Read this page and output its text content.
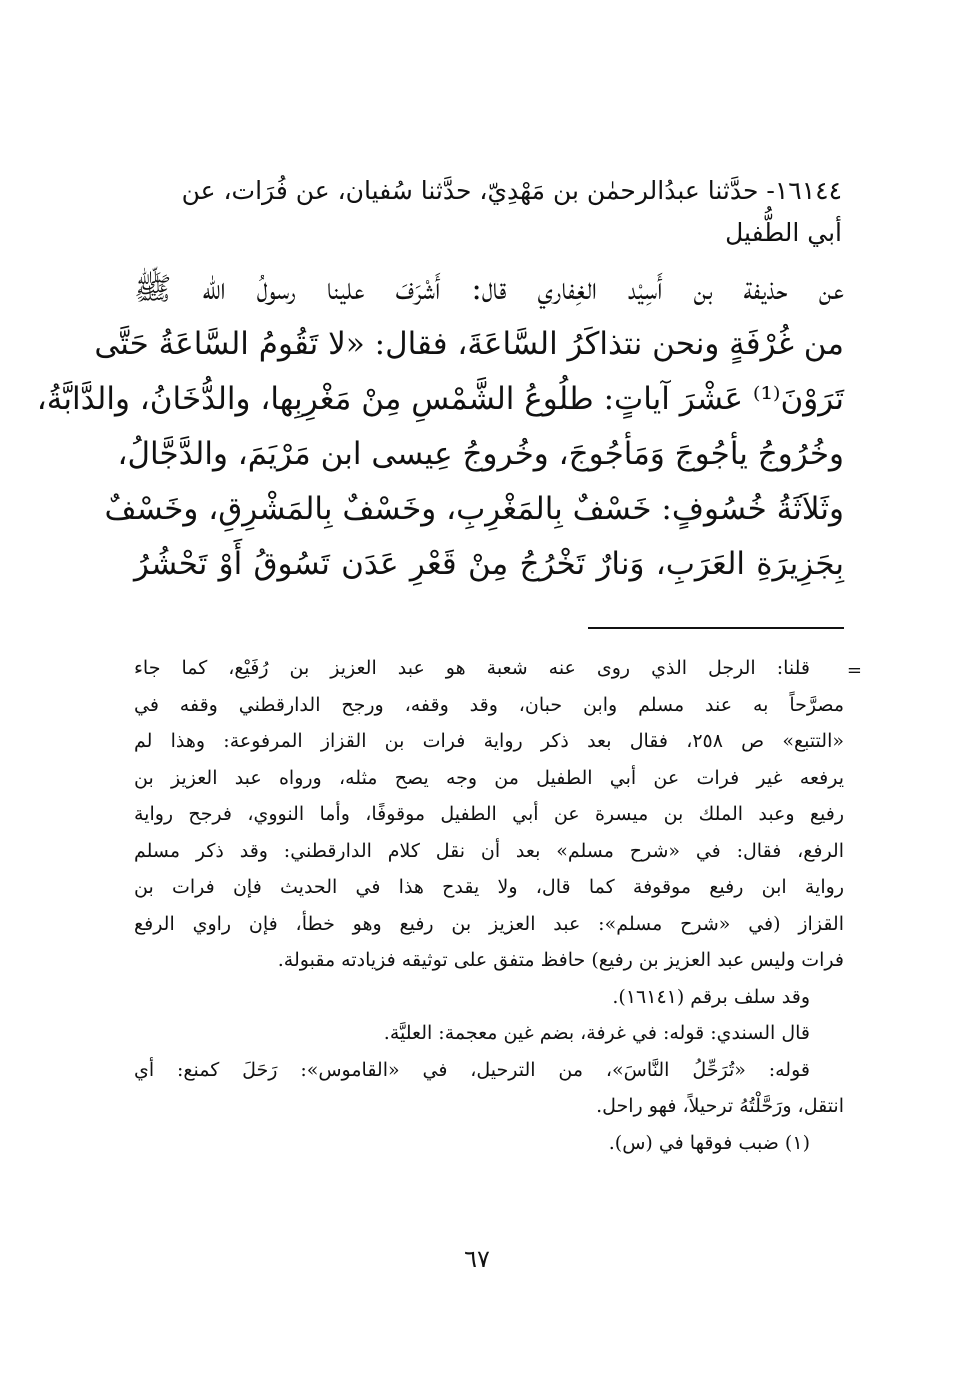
١٦١٤٤- حدَّثنا عبدُالرحمٰن بن مَهْدِيّ، حدَّثنا سُفيان، عن فُرَات، عن
أبي الطُّفيل
عن حذيفة بن أَسِيْد الغِفاري قال: أَشْرَفَ علينا رسولُ الله ﷺ
من غُرْفَةٍ ونحن نتذاكَرُ السَّاعَةَ، فقال: «لا تَقُومُ السَّاعَةُ حَتَّى
تَرَوْنَ⁽¹⁾ عَشْرَ آياتٍ: طلُوعُ الشَّمْسِ مِنْ مَغْرِبِها، والدُّخَانُ، والدَّابَّةُ،
وخُرُوجُ يأجُوجَ وَمَأجُوجَ، وخُروجُ عِيسى ابن مَرْيَمَ، والدَّجَّالُ،
وثَلاَثَةُ خُسُوفٍ: خَسْفٌ بِالمَغْرِبِ، وخَسْفٌ بِالمَشْرِقِ، وخَسْفٌ
بِجَزِيرَةِ العَرَبِ، وَنارٌ تَخْرُجُ مِنْ قَعْرِ عَدَن تَسُوقُ أَوْ تَحْشُرُ
=
قلنا: الرجل الذي روى عنه شعبة هو عبد العزيز بن رُفَيْع، كما جاء
مصرَّحاً به عند مسلم وابن حبان، وقد وقفه، ورجح الدارقطني وقفه في
«التتبع» ص ٢٥٨، فقال بعد ذكر رواية فرات بن القزاز المرفوعة: وهذا لم
يرفعه غير فرات عن أبي الطفيل من وجه يصح مثله، ورواه عبد العزيز بن
رفيع وعبد الملك بن ميسرة عن أبي الطفيل موقوفًا، وأما النووي، فرجح رواية
الرفع، فقال: في «شرح مسلم» بعد أن نقل كلام الدارقطني: وقد ذكر مسلم
رواية ابن رفيع موقوفة كما قال، ولا يقدح هذا في الحديث فإن فرات بن
القزاز (في «شرح مسلم»: عبد العزيز بن رفيع وهو خطأ، فإن راوي الرفع
فرات وليس عبد العزيز بن رفيع) حافظ متفق على توثيقه فزيادته مقبولة.
وقد سلف برقم (١٦١٤١).
قال السندي: قوله: في غرفة، بضم غين معجمة: العليَّة.
قوله: «تُرَحِّلُ النَّاسَ»، من الترحيل، في «القاموس»: رَحَلَ كمنع: أي
انتقل، ورَحَّلْتُهُ ترحيلاً، فهو راحل.
(١) ضبب فوقها في (س).
٦٧
